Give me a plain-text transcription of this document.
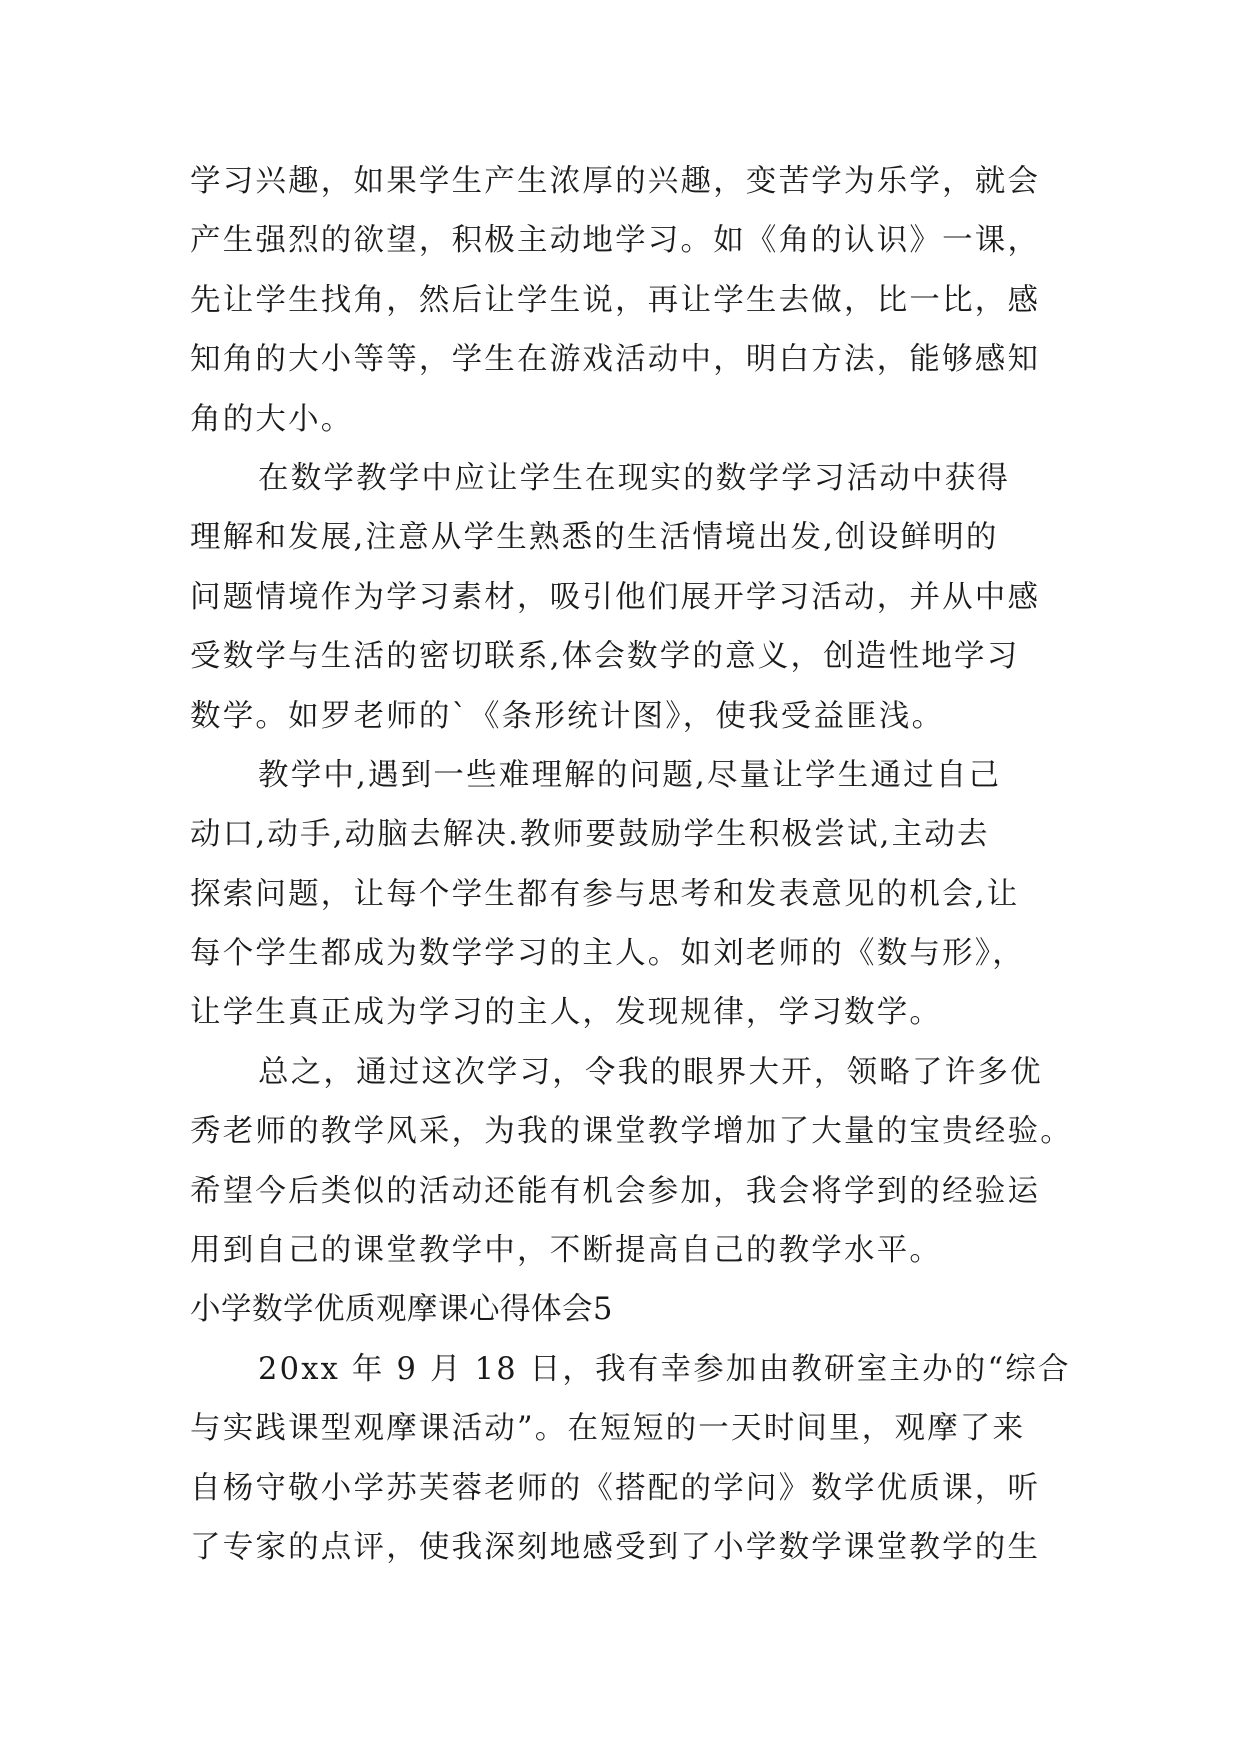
学习兴趣，如果学生产生浓厚的兴趣，变苦学为乐学，就会
产生强烈的欲望，积极主动地学习。如《角的认识》一课，
先让学生找角，然后让学生说，再让学生去做，比一比，感
知角的大小等等，学生在游戏活动中，明白方法，能够感知
角的大小。
在数学教学中应让学生在现实的数学学习活动中获得
理解和发展,注意从学生熟悉的生活情境出发,创设鲜明的
问题情境作为学习素材，吸引他们展开学习活动，并从中感
受数学与生活的密切联系,体会数学的意义，创造性地学习
数学。如罗老师的`《条形统计图》，使我受益匪浅。
教学中,遇到一些难理解的问题,尽量让学生通过自己
动口,动手,动脑去解决.教师要鼓励学生积极尝试,主动去
探索问题，让每个学生都有参与思考和发表意见的机会,让
每个学生都成为数学学习的主人。如刘老师的《数与形》，
让学生真正成为学习的主人，发现规律，学习数学。
总之，通过这次学习，令我的眼界大开，领略了许多优
秀老师的教学风采，为我的课堂教学增加了大量的宝贵经验。
希望今后类似的活动还能有机会参加，我会将学到的经验运
用到自己的课堂教学中，不断提高自己的教学水平。
小学数学优质观摩课心得体会5
20xx 年 9 月 18 日，我有幸参加由教研室主办的“综合
与实践课型观摩课活动”。在短短的一天时间里，观摩了来
自杨守敬小学苏芙蓉老师的《搭配的学问》数学优质课，听
了专家的点评，使我深刻地感受到了小学数学课堂教学的生
